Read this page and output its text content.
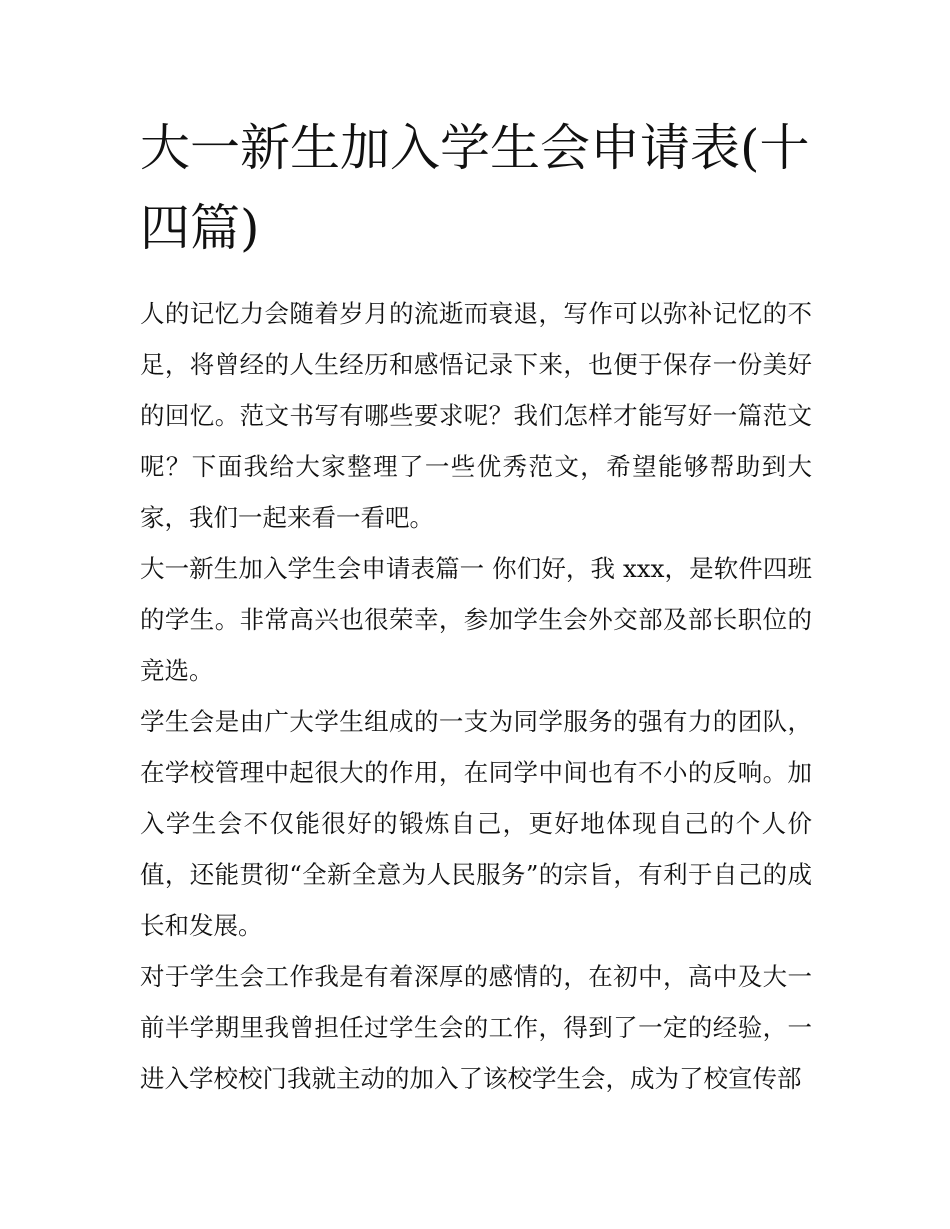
大一新生加入学生会申请表(十四篇)

人的记忆力会随着岁月的流逝而衰退，写作可以弥补记忆的不足，将曾经的人生经历和感悟记录下来，也便于保存一份美好的回忆。范文书写有哪些要求呢？我们怎样才能写好一篇范文呢？下面我给大家整理了一些优秀范文，希望能够帮助到大家，我们一起来看一看吧。

大一新生加入学生会申请表篇一 你们好，我 xxx，是软件四班的学生。非常高兴也很荣幸，参加学生会外交部及部长职位的竞选。

学生会是由广大学生组成的一支为同学服务的强有力的团队，在学校管理中起很大的作用，在同学中间也有不小的反响。加入学生会不仅能很好的锻炼自己，更好地体现自己的个人价值，还能贯彻“全新全意为人民服务”的宗旨，有利于自己的成长和发展。

对于学生会工作我是有着深厚的感情的，在初中，高中及大一前半学期里我曾担任过学生会的工作，得到了一定的经验，一进入学校校门我就主动的加入了该校学生会，成为了校宣传部
